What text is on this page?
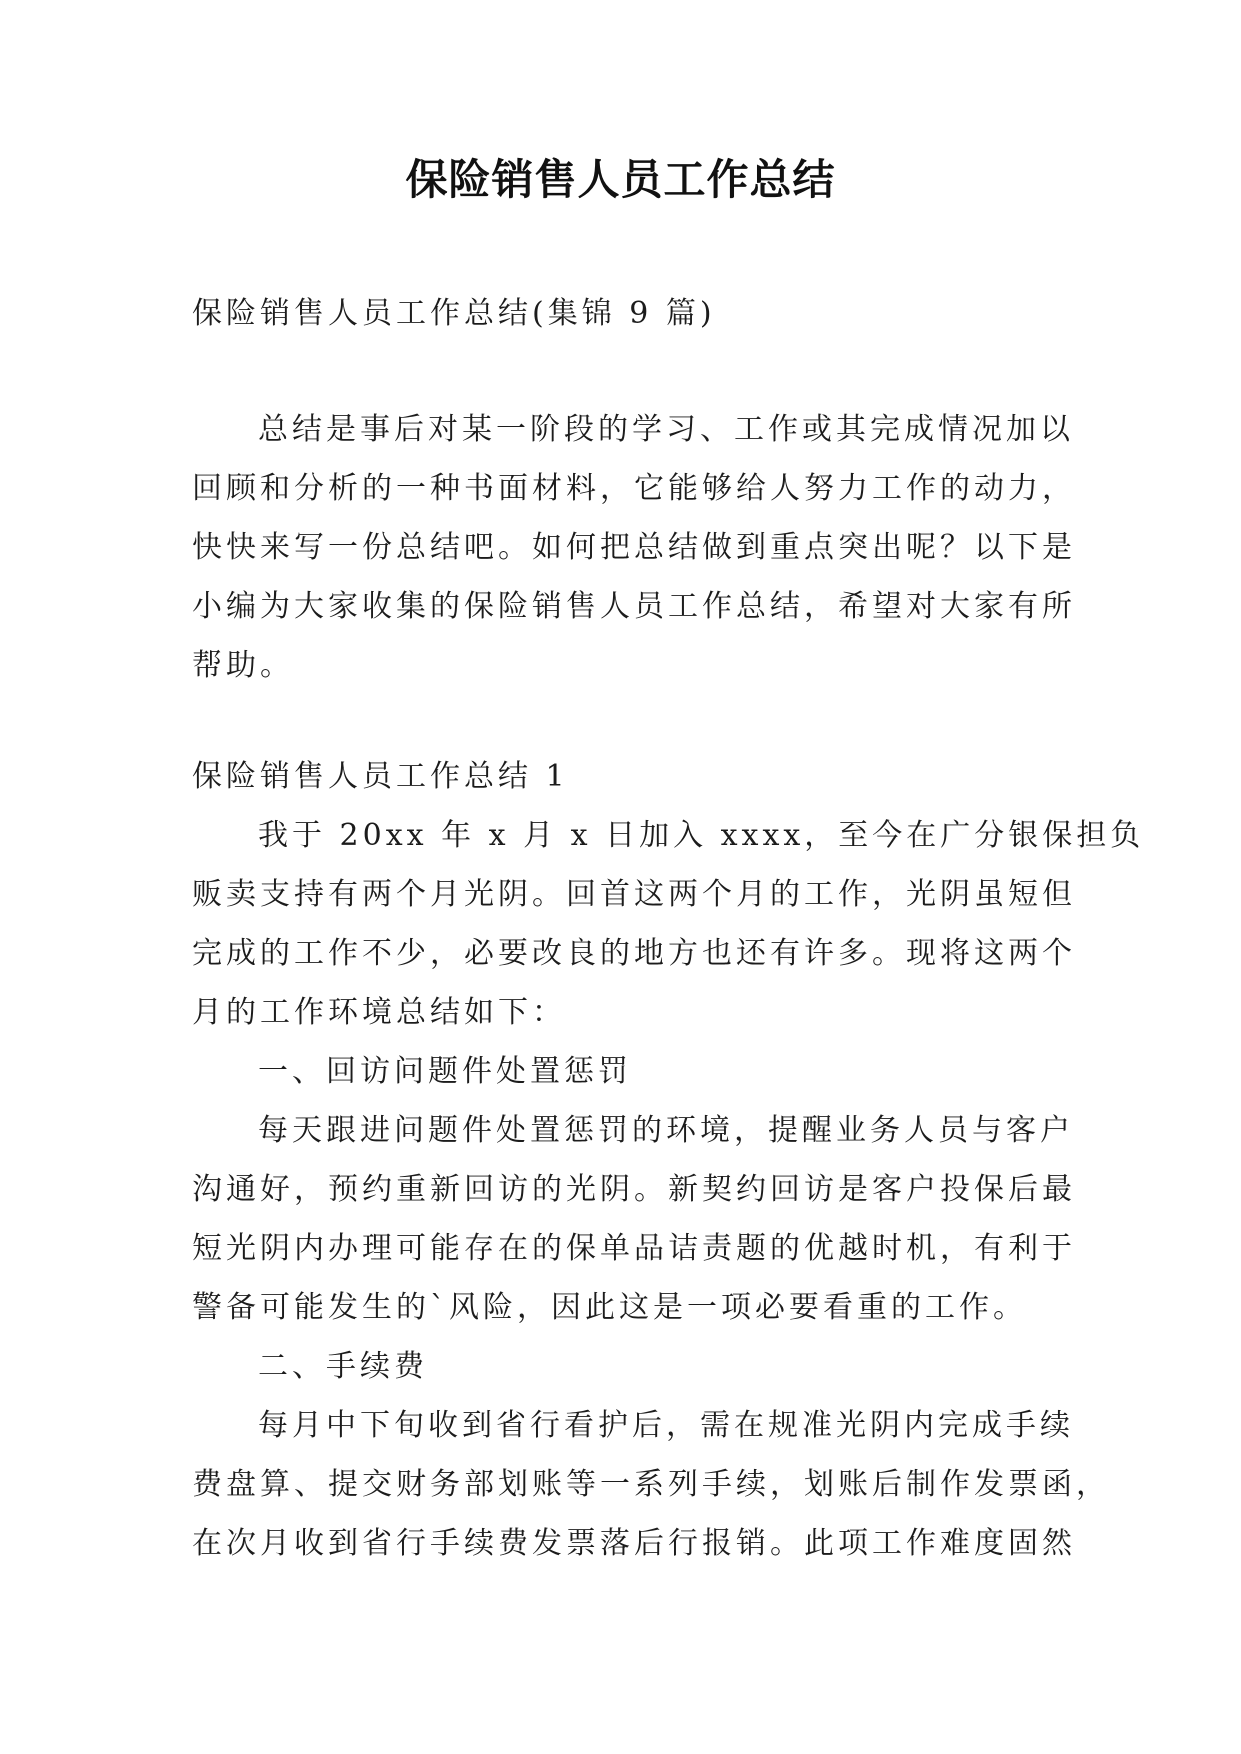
保险销售人员工作总结

保险销售人员工作总结(集锦 9 篇)

总结是事后对某一阶段的学习、工作或其完成情况加以

回顾和分析的一种书面材料，它能够给人努力工作的动力，

快快来写一份总结吧。如何把总结做到重点突出呢？以下是

小编为大家收集的保险销售人员工作总结，希望对大家有所

帮助。

保险销售人员工作总结 1

我于 20xx 年 x 月 x 日加入 xxxx，至今在广分银保担负

贩卖支持有两个月光阴。回首这两个月的工作，光阴虽短但

完成的工作不少，必要改良的地方也还有许多。现将这两个

月的工作环境总结如下：

一、回访问题件处置惩罚

每天跟进问题件处置惩罚的环境，提醒业务人员与客户

沟通好，预约重新回访的光阴。新契约回访是客户投保后最

短光阴内办理可能存在的保单品诘责题的优越时机，有利于

警备可能发生的`风险，因此这是一项必要看重的工作。

二、手续费

每月中下旬收到省行看护后，需在规准光阴内完成手续

费盘算、提交财务部划账等一系列手续，划账后制作发票函，

在次月收到省行手续费发票落后行报销。此项工作难度固然
